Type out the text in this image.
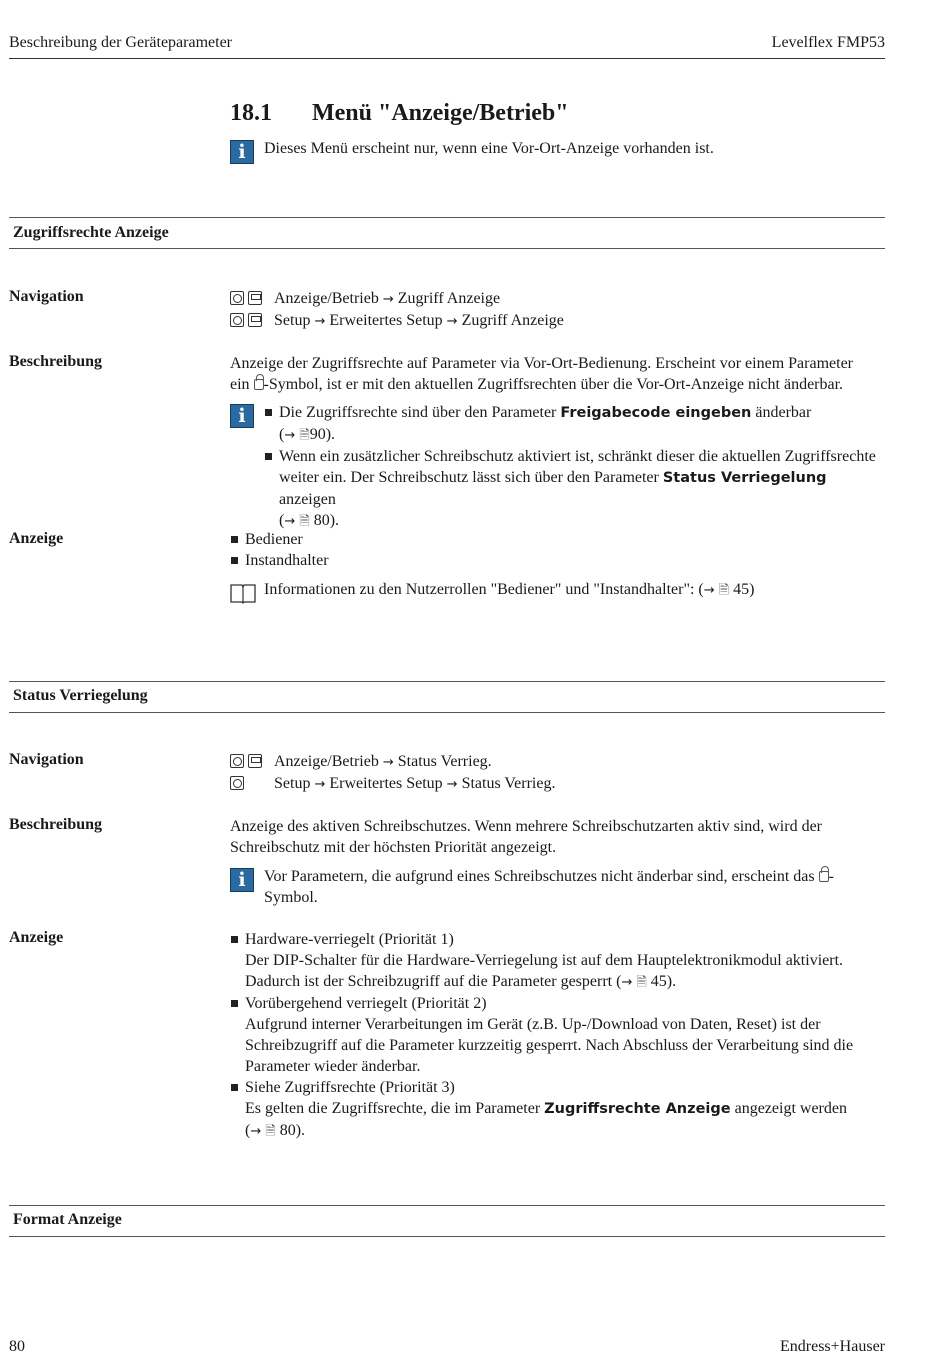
Beschreibung der Geräteparameter	Levelflex FMP53
18.1 Menü "Anzeige/Betrieb"
i	Dieses Menü erscheint nur, wenn eine Vor-Ort-Anzeige vorhanden ist.
Zugriffsrechte Anzeige
Navigation	Anzeige/Betrieb → Zugriff Anzeige
Setup → Erweitertes Setup → Zugriff Anzeige
Beschreibung	Anzeige der Zugriffsrechte auf Parameter via Vor-Ort-Bedienung. Erscheint vor einem Parameter
ein -Symbol, ist er mit den aktuellen Zugriffsrechten über die Vor-Ort-Anzeige nicht änderbar.
i	Die Zugriffsrechte sind über den Parameter Freigabecode eingeben änderbar
(→ 🗎90).
Wenn ein zusätzlicher Schreibschutz aktiviert ist, schränkt dieser die aktuellen Zugriffsrechte
weiter ein. Der Schreibschutz lässt sich über den Parameter Status Verriegelung anzeigen
(→ 🗎 80).
Anzeige	Bediener
Instandhalter
Informationen zu den Nutzerrollen "Bediener" und "Instandhalter": (→ 🗎 45)
Status Verriegelung
Navigation	Anzeige/Betrieb → Status Verrieg.
Setup → Erweitertes Setup → Status Verrieg.
Beschreibung	Anzeige des aktiven Schreibschutzes. Wenn mehrere Schreibschutzarten aktiv sind, wird der
Schreibschutz mit der höchsten Priorität angezeigt.
i	Vor Parametern, die aufgrund eines Schreibschutzes nicht änderbar sind, erscheint das -
Symbol.
Anzeige	Hardware-verriegelt (Priorität 1)
Der DIP-Schalter für die Hardware-Verriegelung ist auf dem Hauptelektronikmodul aktiviert.
Dadurch ist der Schreibzugriff auf die Parameter gesperrt (→ 🗎 45).
Vorübergehend verriegelt (Priorität 2)
Aufgrund interner Verarbeitungen im Gerät (z.B. Up-/Download von Daten, Reset) ist der
Schreibzugriff auf die Parameter kurzzeitig gesperrt. Nach Abschluss der Verarbeitung sind die
Parameter wieder änderbar.
Siehe Zugriffsrechte (Priorität 3)
Es gelten die Zugriffsrechte, die im Parameter Zugriffsrechte Anzeige angezeigt werden
(→ 🗎 80).
Format Anzeige
80	Endress+Hauser
